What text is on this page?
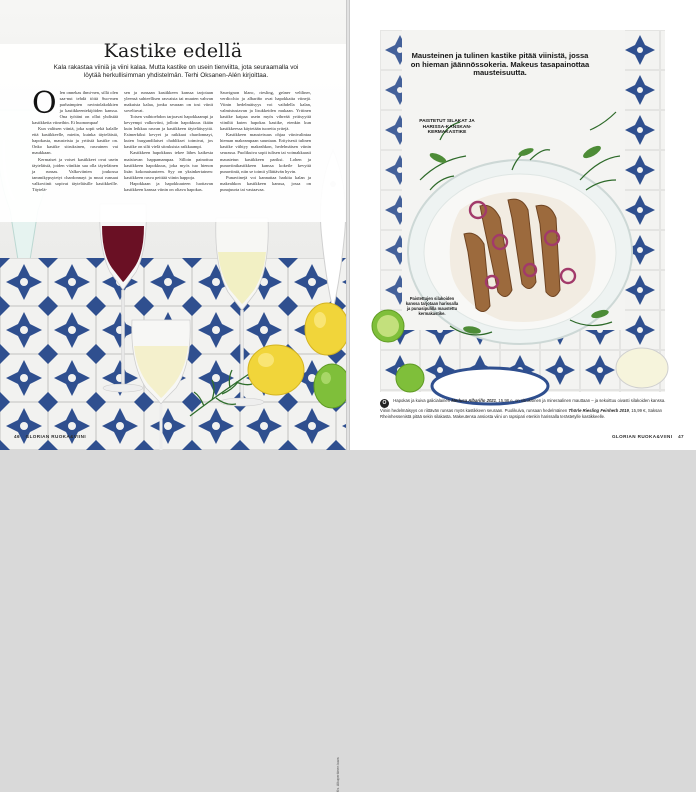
Kastike edellä

Kala rakastaa viiniä ja viini kalaa. Mutta kastike on usein tienviitta, jota seuraamalla voi löytää herkullisimman yhdistelmän. Terhi Oksanen-Alén kirjoittaa.

O len onnekas ihmi-nen, sillä olen saa-nut tehdä töitä Suo-men parhaimpien ravintolakokkien ja kastikkeentekijöiden kanssa. Ona työtäni on ollut yhdistää kastikkeita viineihin. Ei huonompaa!
Kun valitsen viiniä, joka sopii sekä kalalle että kastikkeelle, mietin, kuinka täyteläistä, hapokasta, mausteista ja yrttistä kastike on. Onko kastike sitruksinen, rasvainen vai maukkaan.
Kermaiset ja voiset kastikkeet ovat usein täyteläisiä, joiden viinikin saa olla täyteläinen ja runsas. Valkoviinien joukossa tammikypsytetyt chardonnayt ja muut runsaat valkoviinit sopivat täyteläisille kastikkeille. Täytelä-
sen ja runsaan kastikkeen kanssa tarjotaan yleensä suhteellisen rasvaista tai muuten vahvan makuista kalaa, jonka seuraan on tosi viinit soveltuvat.
Toisen vaihtoehdon tarjoavat hapokkaampi ja kevyempi valkoviini, jolloin hapokkuus ikään kuin leikkaa rasvan ja kastikkeen täyteläisyyttä. Esimerkiksi kevyet ja raikkaat chardonnayt, kuten burgundilaiset chablikset toimivat, jos kastike on silti vielä sitruksista raikkaampi.
Kastikkeen hapokkuus tekee lähes kaikesta maistuvan happamampaa. Silloin painottuu kastikkeen hapokkuus, joka myös tuo hienon lisän kokonaisuuteen. Syy on yksinkertainen: kastikkeen rasva peittää viinin happoja.
Hapokkaan ja hapokkuuteen luottavan kastikkeen kanssa viinin on oltava hapokas.
Sauvignon blanc, riesling, grüner veltliner, verdicchio ja albariño ovat hapokkaita viinejä. Viinin hedelmäisyys voi vaihdella kalan, valmistustavan ja lisukkeiden mukaan. Yrttinen kastike kaipaa usein myös vihreää yrttisyyttä viiniltä kuten hapokas kastike, etenkin kun kastikkeessa käytetään tuoreita yrttejä.
Kastikkeen mausteisuus ohjaa viinivalintaa hieman makeampaan suuntaan. Erityisesti tulinen kastike viihtyy makeahkon, hedelmäisen viinin seurassa. Puolikuiva sopii tulisen tai voimakkaasti maustetun kastikkeen pariksi. Lohen ja punaviinikastikkeen kanssa kokeile kevyttä punaviiniä, niin se toimii yllättävän hyvin.
Punaviinejä voi kannattaa harkita kalan ja makeahkon kastikkeen kanssa, jossa on punajuurta tai vastaavaa.
46 GLORIAN RUOKA&VIINI

Mausteinen ja tulinen kastike pitää viinistä, jossa on hieman jäännössokeria. Makeus tasapainottaa mausteisuutta.

PAISTETUT SILAKAT JA HARISSA-KANSKAN-KERMAKASTIKE

Paistettujen silakoiden kanssa tarjotaan harissalla ja punasipulilla maustettu kermakastike.

O Hapokas ja kuiva galicialainen Medusa Albariño 2021, 15,98 e, on sitruksinen ja mineraalinen mauttaan – ja sekoittuu oivasti silakoiden kanssa. Viinin hedelmäisyys on riittävän runsas myös kastikkeen seuraan. Puolikuiva, runsaan hedelmäinen Thörle Riesling Feinherb 2019, 15,99 €, Saksan Rheinhessenistä pitää sekin silakasta. Makeutensa ansiosta viini on rapsipari etenkin harissalla terästetylle kastikkeelle.

GLORIAN RUOKA&VIINI 47

Ks. Alkuperäinen kuva
